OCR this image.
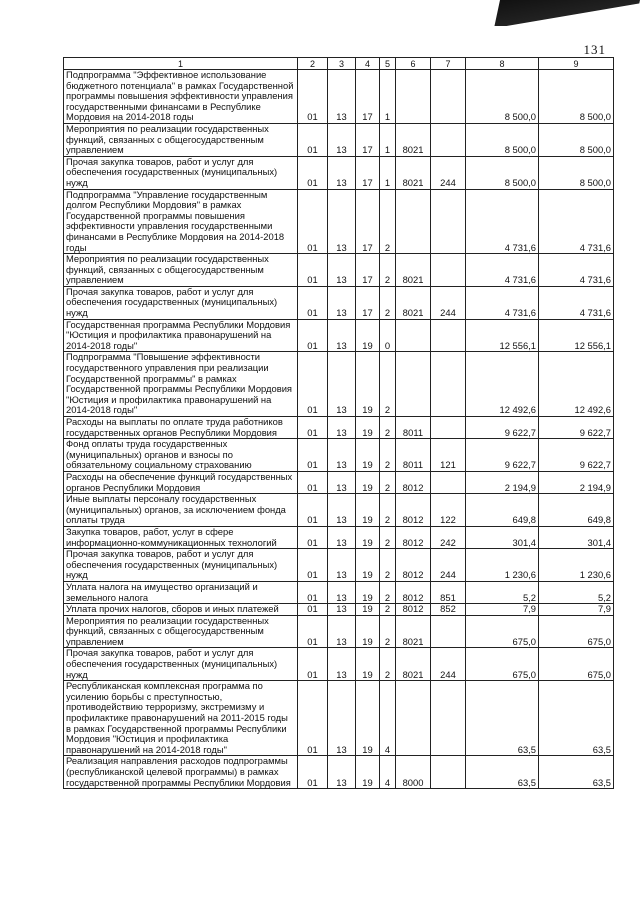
131
1	2	3	4	5	6	7	8	9
Подпрограмма "Эффективное использование бюджетного потенциала" в рамках Государственной программы повышения эффективности управления государственными финансами в Республике Мордовия на 2014-2018 годы	01	13	17	1			8 500,0	8 500,0
Мероприятия по реализации государственных функций, связанных с общегосударственным управлением	01	13	17	1	8021		8 500,0	8 500,0
Прочая закупка товаров, работ и услуг для обеспечения государственных (муниципальных) нужд	01	13	17	1	8021	244	8 500,0	8 500,0
Подпрограмма "Управление государственным долгом Республики Мордовия" в рамках Государственной программы повышения эффективности управления государственными финансами в Республике Мордовия на 2014-2018 годы	01	13	17	2			4 731,6	4 731,6
Мероприятия по реализации государственных функций, связанных с общегосударственным управлением	01	13	17	2	8021		4 731,6	4 731,6
Прочая закупка товаров, работ и услуг для обеспечения государственных (муниципальных) нужд	01	13	17	2	8021	244	4 731,6	4 731,6
Государственная программа Республики Мордовия "Юстиция и профилактика правонарушений на 2014-2018 годы"	01	13	19	0			12 556,1	12 556,1
Подпрограмма "Повышение эффективности государственного управления при реализации Государственной программы" в рамках Государственной программы Республики Мордовия "Юстиция и профилактика правонарушений на 2014-2018 годы"	01	13	19	2			12 492,6	12 492,6
Расходы на выплаты по оплате труда работников государственных органов Республики Мордовия	01	13	19	2	8011		9 622,7	9 622,7
Фонд оплаты труда государственных (муниципальных) органов и взносы по обязательному социальному страхованию	01	13	19	2	8011	121	9 622,7	9 622,7
Расходы на обеспечение функций государственных органов Республики Мордовия	01	13	19	2	8012		2 194,9	2 194,9
Иные выплаты персоналу государственных (муниципальных) органов, за исключением фонда оплаты труда	01	13	19	2	8012	122	649,8	649,8
Закупка товаров, работ, услуг в сфере информационно-коммуникационных технологий	01	13	19	2	8012	242	301,4	301,4
Прочая закупка товаров, работ и услуг для обеспечения государственных (муниципальных) нужд	01	13	19	2	8012	244	1 230,6	1 230,6
Уплата налога на имущество организаций и земельного налога	01	13	19	2	8012	851	5,2	5,2
Уплата прочих налогов, сборов и иных платежей	01	13	19	2	8012	852	7,9	7,9
Мероприятия по реализации государственных функций, связанных с общегосударственным управлением	01	13	19	2	8021		675,0	675,0
Прочая закупка товаров, работ и услуг для обеспечения государственных (муниципальных) нужд	01	13	19	2	8021	244	675,0	675,0
Республиканская комплексная программа по усилению борьбы с преступностью, противодействию терроризму, экстремизму и профилактике правонарушений на 2011-2015 годы в рамках Государственной программы Республики Мордовия "Юстиция и профилактика правонарушений на 2014-2018 годы"	01	13	19	4			63,5	63,5
Реализация направления расходов подпрограммы (республиканской целевой программы) в рамках государственной программы Республики Мордовия	01	13	19	4	8000		63,5	63,5
